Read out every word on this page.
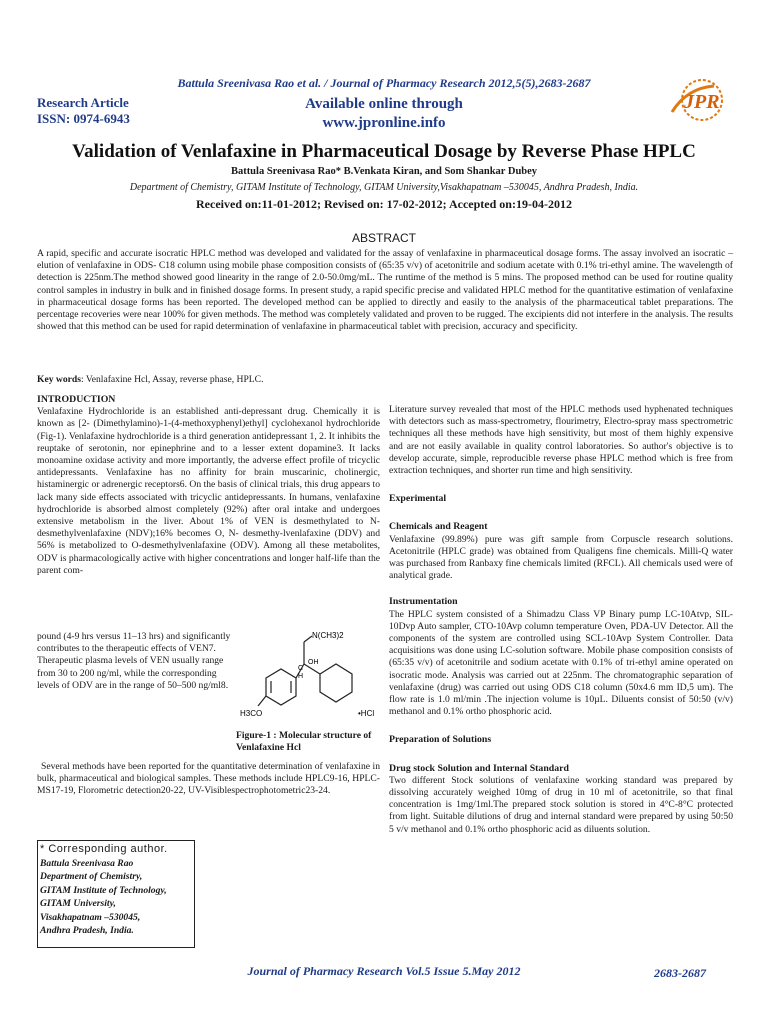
Battula Sreenivasa Rao et al. / Journal of Pharmacy Research 2012,5(5),2683-2687
Research Article
ISSN: 0974-6943
Available online through
www.jpronline.info
JPR
Validation of Venlafaxine in Pharmaceutical Dosage by Reverse Phase HPLC
Battula Sreenivasa Rao* B.Venkata Kiran, and Som Shankar Dubey
Department of Chemistry, GITAM Institute of Technology, GITAM University,Visakhapatnam –530045, Andhra Pradesh, India.
Received on:11-01-2012; Revised on: 17-02-2012; Accepted on:19-04-2012
ABSTRACT
A rapid, specific and accurate isocratic HPLC method was developed and validated for the assay of venlafaxine in pharmaceutical dosage forms. The assay involved an isocratic – elution of venlafaxine in ODS- C18 column using mobile phase composition consists of (65:35 v/v) of acetonitrile and sodium acetate with 0.1% tri-ethyl amine. The wavelength of detection is 225nm.The method showed good linearity in the range of 2.0-50.0mg/mL. The runtime of the method is 5 mins. The proposed method can be used for routine quality control samples in industry in bulk and in finished dosage forms. In present study, a rapid specific precise and validated HPLC method for the quantitative estimation of venlafaxine in pharmaceutical dosage forms has been reported. The developed method can be applied to directly and easily to the analysis of the pharmaceutical tablet preparations. The percentage recoveries were near 100% for given methods. The method was completely validated and proven to be rugged. The excipients did not interfere in the analysis. The results showed that this method can be used for rapid determination of venlafaxine in pharmaceutical tablet with precision, accuracy and specificity.
Key words: Venlafaxine Hcl, Assay, reverse phase, HPLC.

INTRODUCTION

Venlafaxine Hydrochloride is an established anti-depressant drug. Chemically it is known as [2- (Dimethylamino)-1-(4-methoxyphenyl)ethyl] cyclohexanol hydrochloride (Fig-1). Venlafaxine hydrochloride is a third generation antidepressant 1, 2. It inhibits the reuptake of serotonin, nor epinephrine and to a lesser extent dopamine3. It lacks monoamine oxidase activity and more importantly, the adverse effect profile of tricyclic antidepressants. Venlafaxine has no affinity for brain muscarinic, cholinergic, histaminergic or adrenergic receptors6. On the basis of clinical trials, this drug appears to lack many side effects associated with tricyclic antidepressants. In humans, venlafaxine hydrochloride is absorbed almost completely (92%) after oral intake and undergoes extensive metabolism in the liver. About 1% of VEN is desmethylated to N-desmethylvenlafaxine (NDV);16% becomes O, N- desmethy-lvenlafaxine (DDV) and 56% is metabolized to O-desmethylvenlafaxine (ODV). Among all these metabolites, ODV is pharmacologically active with higher concentrations and longer half-life than the parent com-

pound (4-9 hrs versus 11–13 hrs) and significantly contributes to the therapeutic effects of VEN7. Therapeutic plasma levels of VEN usually range from 30 to 200 ng/ml, while the corresponding levels of ODV are in the range of 50–500 ng/ml8.
N(CH3)2
OH
C
H
H3CO	•HCl
Figure-1 : Molecular structure of Venlafaxine Hcl
Several methods have been reported for the quantitative determination of venlafaxine in bulk, pharmaceutical and biological samples. These methods include HPLC9-16, HPLC-MS17-19, Florometric detection20-22, UV-Visiblespectrophotometric23-24.
* Corresponding author.
Battula Sreenivasa Rao
Department of Chemistry,
GITAM Institute of Technology,
GITAM University,
Visakhapatnam –530045,
Andhra Pradesh, India.

Literature survey revealed that most of the HPLC methods used hyphenated techniques with detectors such as mass-spectrometry, flourimetry, Electro-spray mass spectrometric techniques all these methods have high sensitivity, but most of them highly expensive and are not easily available in quality control laboratories. So author's objective is to develop accurate, simple, reproducible reverse phase HPLC method which is free from extraction techniques, and shorter run time and high sensitivity.

Experimental

Chemicals and Reagent

Venlafaxine (99.89%) pure was gift sample from Corpuscle research solutions. Acetonitrile (HPLC grade) was obtained from Qualigens fine chemicals. Milli-Q water was purchased from Ranbaxy fine chemicals limited (RFCL). All chemicals used were of analytical grade.

Instrumentation

The HPLC system consisted of a Shimadzu Class VP Binary pump LC-10Atvp, SIL-10Dvp Auto sampler, CTO-10Avp column temperature Oven, PDA-UV Detector. All the components of the system are controlled using SCL-10Avp System Controller. Data acquisitions was done using LC-solution software. Mobile phase composition consists of (65:35 v/v) of acetonitrile and sodium acetate with 0.1% of tri-ethyl amine operated on isocratic mode. Analysis was carried out at 225nm. The chromatographic separation of venlafaxine (drug) was carried out using ODS C18 column (50x4.6 mm ID,5 um). The flow rate is 1.0 ml/min .The injection volume is 10µL. Diluents consist of 50:50 (v/v) methanol and 0.1% ortho phosphoric acid.

Preparation of Solutions

Drug stock Solution and Internal Standard

Two different Stock solutions of venlafaxine working standard was prepared by dissolving accurately weighed 10mg of drug in 10 ml of acetonitrile, so that final concentration is 1mg/1ml.The prepared stock solution is stored in 4°C-8°C protected from light. Suitable dilutions of drug and internal standard were prepared by using 50:50 5 v/v methanol and 0.1% ortho phosphoric acid as diluents solution.

Journal of Pharmacy Research Vol.5 Issue 5.May 2012	2683-2687
